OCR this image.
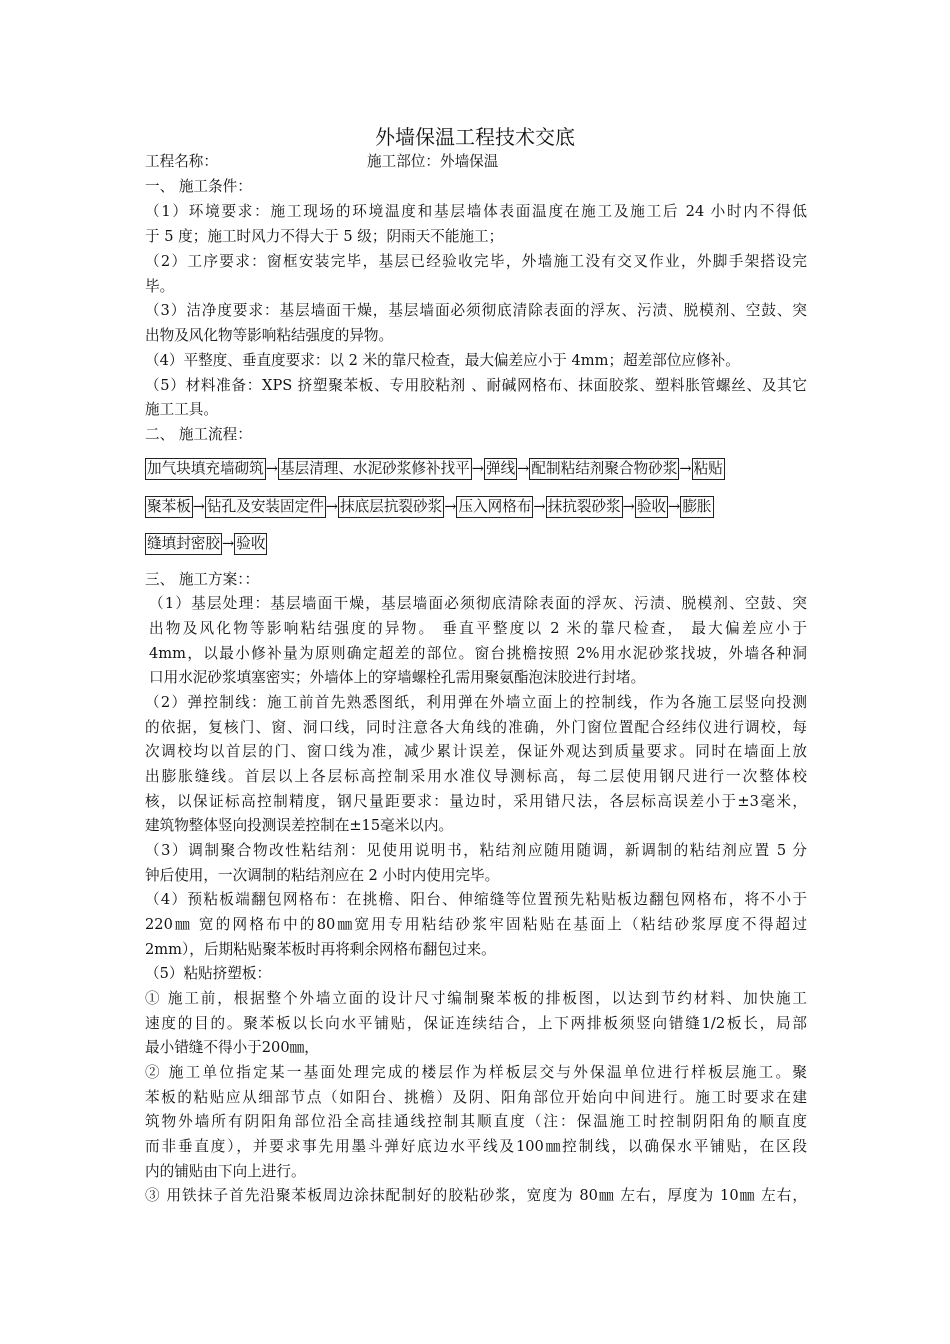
外墙保温工程技术交底
工程名称：	施工部位：外墙保温
一、 施工条件：
（1）环境要求：施工现场的环境温度和基层墙体表面温度在施工及施工后 24 小时内不得低
于 5 度；施工时风力不得大于 5 级；阴雨天不能施工；
（2）工序要求：窗框安装完毕，基层已经验收完毕，外墙施工没有交叉作业，外脚手架搭设完
毕。
（3）洁净度要求：基层墙面干燥，基层墙面必须彻底清除表面的浮灰、污渍、脱模剂、空鼓、突
出物及风化物等影响粘结强度的异物。
（4）平整度、垂直度要求：以 2 米的靠尺检查，最大偏差应小于 4mm；超差部位应修补。
（5）材料准备：XPS 挤塑聚苯板、专用胶粘剂 、耐碱网格布、抹面胶浆、塑料胀管螺丝、及其它
施工工具。
二、 施工流程：
加气块填充墙砌筑 → 基层清理、水泥砂浆修补找平 → 弹线 → 配制粘结剂聚合物砂浆 → 粘贴
聚苯板 → 钻孔及安装固定件 → 抹底层抗裂砂浆 → 压入网格布 → 抹抗裂砂浆 → 验收 → 膨胀
缝填封密胶 → 验收
三、 施工方案：：
（1）基层处理：基层墙面干燥，基层墙面必须彻底清除表面的浮灰、污渍、脱模剂、空鼓、突
出物及风化物等影响粘结强度的异物。 垂直平整度以 2 米的靠尺检查， 最大偏差应小于
4mm，以最小修补量为原则确定超差的部位。窗台挑檐按照 2%用水泥砂浆找坡，外墙各种洞
口用水泥砂浆填塞密实；外墙体上的穿墙螺栓孔需用聚氨酯泡沫胶进行封堵。
（2）弹控制线：施工前首先熟悉图纸，利用弹在外墙立面上的控制线，作为各施工层竖向投测
的依据，复核门、窗、洞口线，同时注意各大角线的准确，外门窗位置配合经纬仪进行调校，每
次调校均以首层的门、窗口线为准，减少累计误差，保证外观达到质量要求。同时在墙面上放
出膨胀缝线。首层以上各层标高控制采用水准仪导测标高，每二层使用钢尺进行一次整体校
核，以保证标高控制精度，钢尺量距要求：量边时，采用错尺法，各层标高误差小于±3毫米，
建筑物整体竖向投测误差控制在±15毫米以内。
（3）调制聚合物改性粘结剂：见使用说明书，粘结剂应随用随调，新调制的粘结剂应置 5 分
钟后使用，一次调制的粘结剂应在 2 小时内使用完毕。
（4）预粘板端翻包网格布：在挑檐、阳台、伸缩缝等位置预先粘贴板边翻包网格布，将不小于
220㎜ 宽的网格布中的80㎜宽用专用粘结砂浆牢固粘贴在基面上（粘结砂浆厚度不得超过
2mm），后期粘贴聚苯板时再将剩余网格布翻包过来。
（5）粘贴挤塑板：
① 施工前，根据整个外墙立面的设计尺寸编制聚苯板的排板图，以达到节约材料、加快施工
速度的目的。聚苯板以长向水平铺贴，保证连续结合，上下两排板须竖向错缝1/2板长，局部
最小错缝不得小于200㎜，
② 施工单位指定某一基面处理完成的楼层作为样板层交与外保温单位进行样板层施工。聚
苯板的粘贴应从细部节点（如阳台、挑檐）及阴、阳角部位开始向中间进行。施工时要求在建
筑物外墙所有阴阳角部位沿全高挂通线控制其顺直度（注：保温施工时控制阴阳角的顺直度
而非垂直度），并要求事先用墨斗弹好底边水平线及100㎜控制线，以确保水平铺贴，在区段
内的铺贴由下向上进行。
③ 用铁抹子首先沿聚苯板周边涂抹配制好的胶粘砂浆，宽度为 80㎜ 左右，厚度为 10㎜ 左右，
